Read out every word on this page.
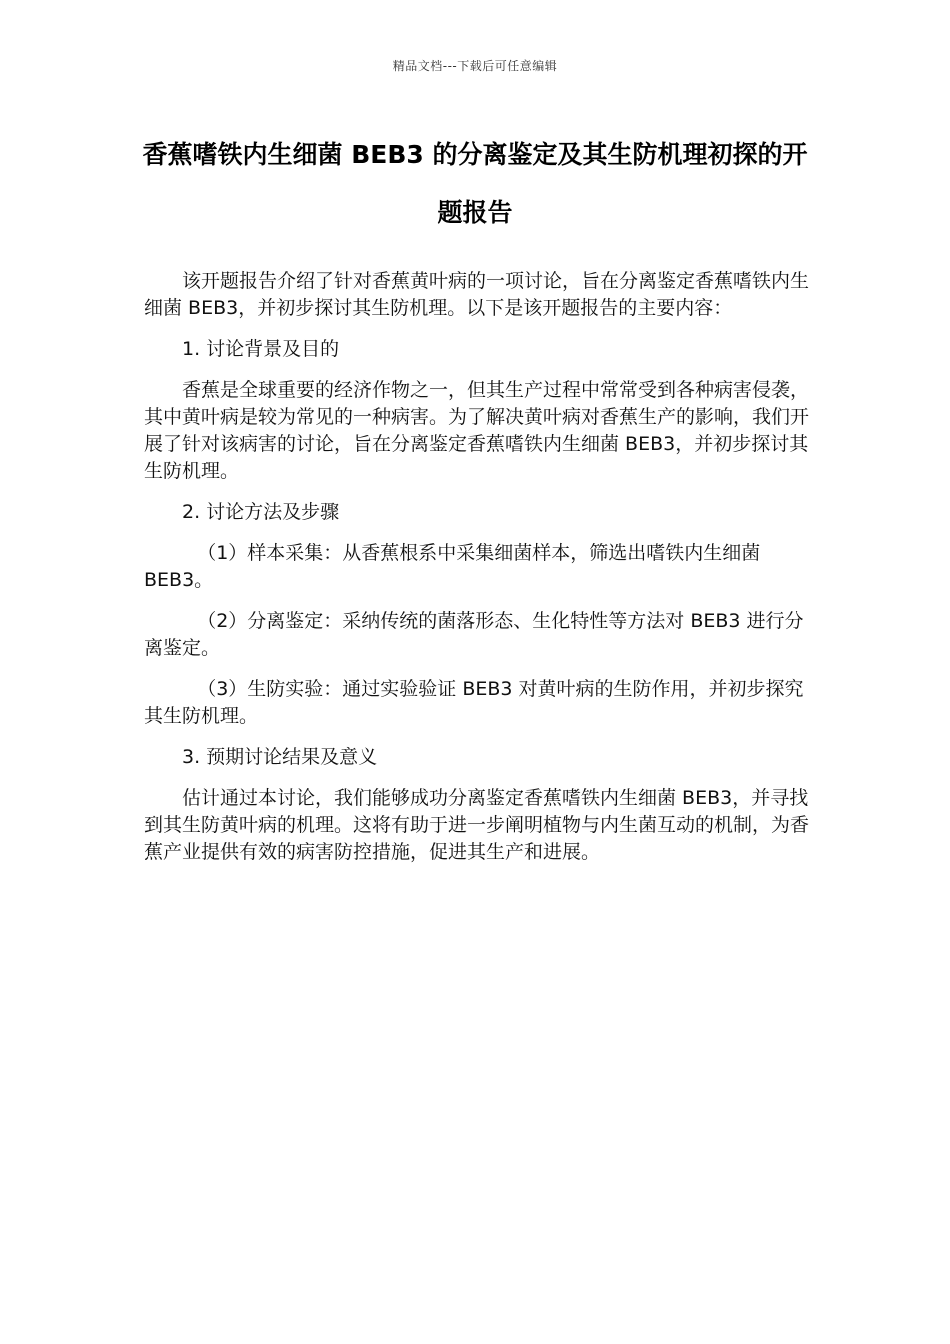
精品文档---下载后可任意编辑
香蕉嗜铁内生细菌 BEB3 的分离鉴定及其生防机理初探的开题报告

该开题报告介绍了针对香蕉黄叶病的一项讨论，旨在分离鉴定香蕉嗜铁内生细菌 BEB3，并初步探讨其生防机理。以下是该开题报告的主要内容：

1. 讨论背景及目的

香蕉是全球重要的经济作物之一，但其生产过程中常常受到各种病害侵袭，其中黄叶病是较为常见的一种病害。为了解决黄叶病对香蕉生产的影响，我们开展了针对该病害的讨论，旨在分离鉴定香蕉嗜铁内生细菌 BEB3，并初步探讨其生防机理。

2. 讨论方法及步骤

（1）样本采集：从香蕉根系中采集细菌样本，筛选出嗜铁内生细菌 BEB3。

（2）分离鉴定：采纳传统的菌落形态、生化特性等方法对 BEB3 进行分离鉴定。

（3）生防实验：通过实验验证 BEB3 对黄叶病的生防作用，并初步探究其生防机理。

3. 预期讨论结果及意义

估计通过本讨论，我们能够成功分离鉴定香蕉嗜铁内生细菌 BEB3，并寻找到其生防黄叶病的机理。这将有助于进一步阐明植物与内生菌互动的机制，为香蕉产业提供有效的病害防控措施，促进其生产和进展。
